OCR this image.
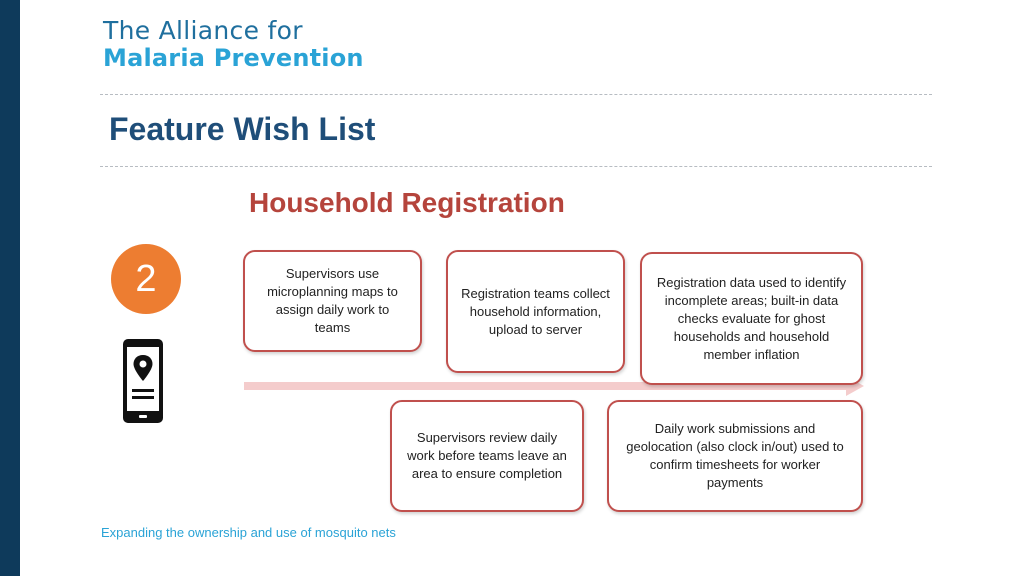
The Alliance for
Malaria Prevention
Feature Wish List
Household Registration
2	Supervisors use microplanning maps to assign daily work to teams
Registration teams collect household information, upload to server
Registration data used to identify incomplete areas; built-in data checks evaluate for ghost households and household member inflation
Supervisors review daily work before teams leave an area to ensure completion
Daily work submissions and geolocation (also clock in/out) used to confirm timesheets for worker payments
Expanding the ownership and use of mosquito nets
